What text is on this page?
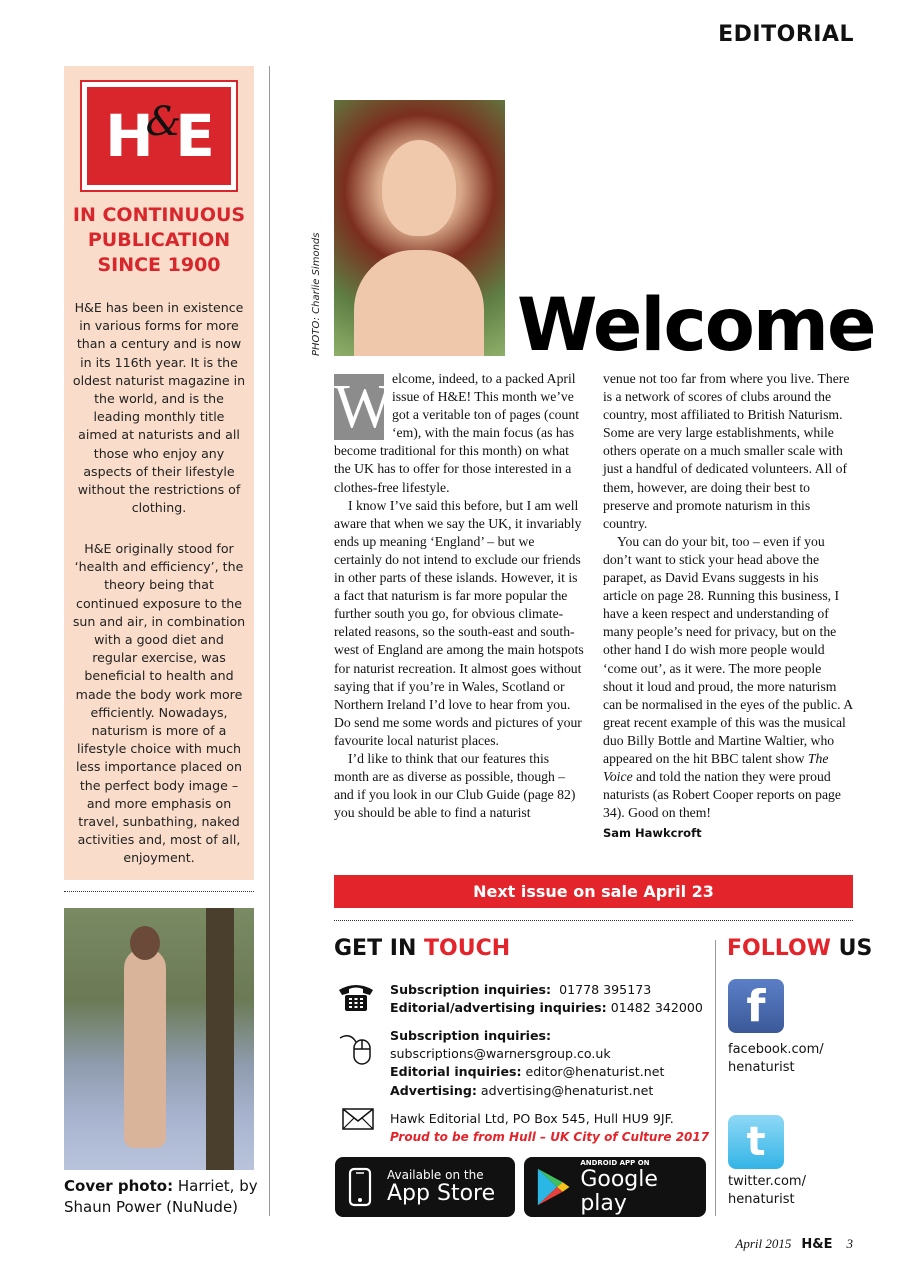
EDITORIAL
H
&
E
IN CONTINUOUS
PUBLICATION
SINCE 1900
H&E has been in existence in various forms for more than a century and is now in its 116th year. It is the oldest naturist magazine in the world, and is the leading monthly title aimed at naturists and all those who enjoy any aspects of their lifestyle without the restrictions of clothing.
H&E originally stood for ‘health and efficiency’, the theory being that continued exposure to the sun and air, in combination with a good diet and regular exercise, was beneficial to health and made the body work more efficiently. Nowadays, naturism is more of a lifestyle choice with much less importance placed on the perfect body image – and more emphasis on travel, sunbathing, naked activities and, most of all, enjoyment.
Cover photo: Harriet, by Shaun Power (NuNude)
PHOTO: Charlie Simonds	Welcome

W elcome, indeed, to a packed April issue of H&E! This month we’ve got a veritable ton of pages (count ‘em), with the main focus (as has become traditional for this month) on what the UK has to offer for those interested in a clothes-free lifestyle.

I know I’ve said this before, but I am well aware that when we say the UK, it invariably ends up meaning ‘England’ – but we certainly do not intend to exclude our friends in other parts of these islands. However, it is a fact that naturism is far more popular the further south you go, for obvious climate-related reasons, so the south-east and south-west of England are among the main hotspots for naturist recreation. It almost goes without saying that if you’re in Wales, Scotland or Northern Ireland I’d love to hear from you. Do send me some words and pictures of your favourite local naturist places.

I’d like to think that our features this month are as diverse as possible, though – and if you look in our Club Guide (page 82) you should be able to find a naturist

venue not too far from where you live. There is a network of scores of clubs around the country, most affiliated to British Naturism. Some are very large establishments, while others operate on a much smaller scale with just a handful of dedicated volunteers. All of them, however, are doing their best to preserve and promote naturism in this country.

You can do your bit, too – even if you don’t want to stick your head above the parapet, as David Evans suggests in his article on page 28. Running this business, I have a keen respect and understanding of many people’s need for privacy, but on the other hand I do wish more people would ‘come out’, as it were. The more people shout it loud and proud, the more naturism can be normalised in the eyes of the public. A great recent example of this was the musical duo Billy Bottle and Martine Waltier, who appeared on the hit BBC talent show The Voice and told the nation they were proud naturists (as Robert Cooper reports on page 34). Good on them!

Sam Hawkcroft
Next issue on sale April 23
GET IN TOUCH
Subscription inquiries: 01778 395173
Editorial/advertising inquiries: 01482 342000
Subscription inquiries:
subscriptions@warnersgroup.co.uk
Editorial inquiries: editor@henaturist.net
Advertising: advertising@henaturist.net
Hawk Editorial Ltd, PO Box 545, Hull HU9 9JF.
Proud to be from Hull – UK City of Culture 2017
Available on the
App Store
ANDROID APP ON
Google play
FOLLOW US
f
facebook.com/
henaturist
t
twitter.com/
henaturist
April 2015 H&E 3
